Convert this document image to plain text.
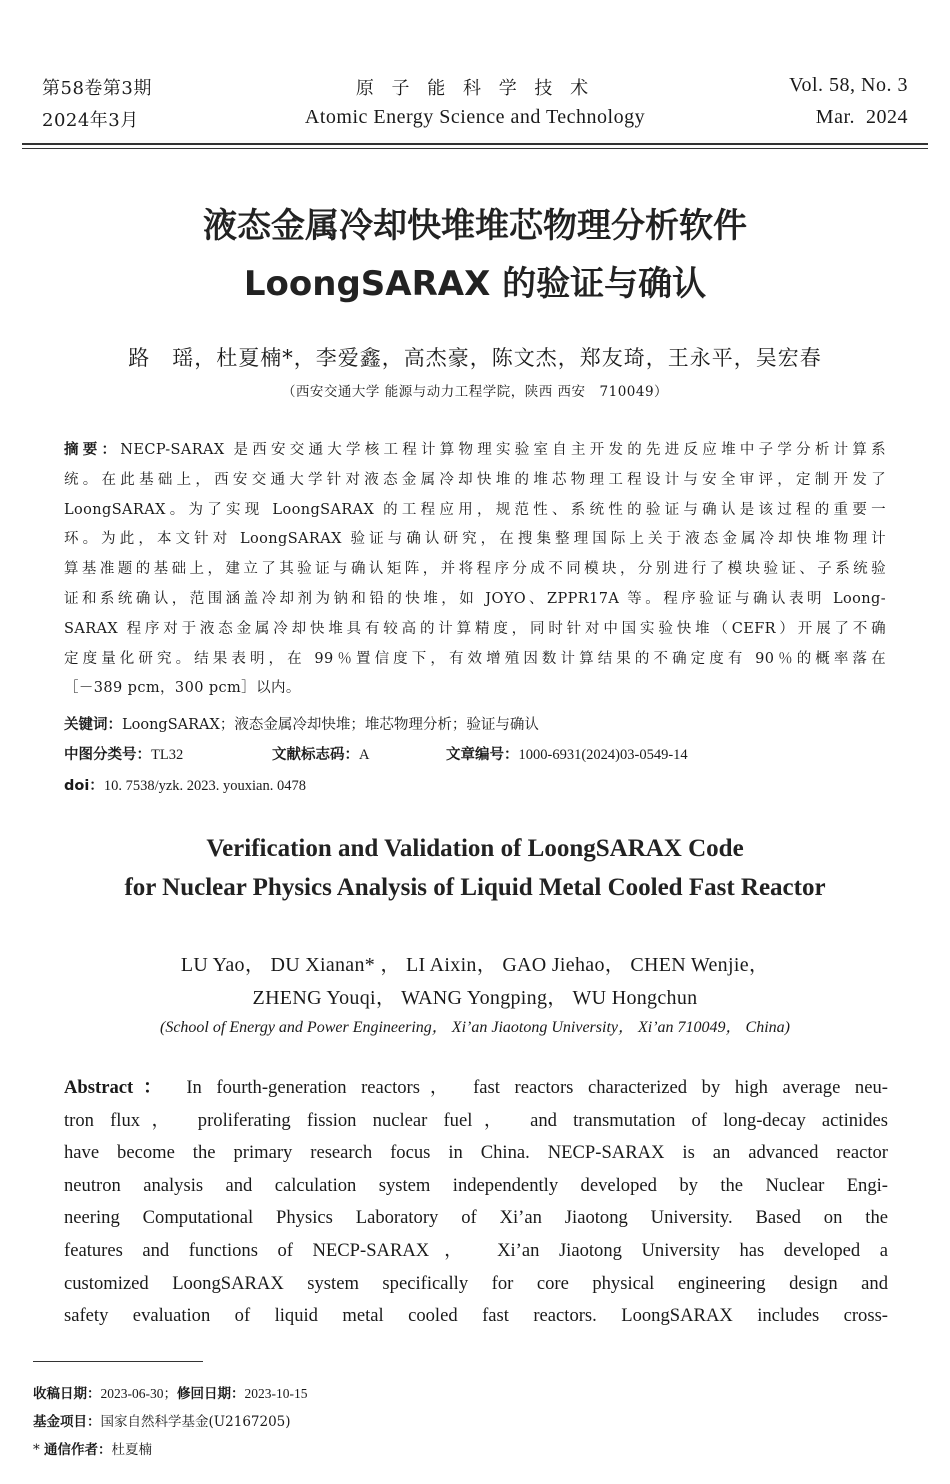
第58卷第3期
2024年3月
原 子 能 科 学 技 术
Atomic Energy Science and Technology
Vol. 58, No. 3
Mar.  2024
液态金属冷却快堆堆芯物理分析软件
LoongSARAX 的验证与确认
路　瑶，杜夏楠*，李爱鑫，高杰豪，陈文杰，郑友琦，王永平，吴宏春
（西安交通大学 能源与动力工程学院，陕西 西安　710049）
摘要：NECP-SARAX 是西安交通大学核工程计算物理实验室自主开发的先进反应堆中子学分析计算系
统。在此基础上，西安交通大学针对液态金属冷却快堆的堆芯物理工程设计与安全审评，定制开发了
LoongSARAX。为了实现 LoongSARAX 的工程应用，规范性、系统性的验证与确认是该过程的重要一
环。为此，本文针对 LoongSARAX 验证与确认研究，在搜集整理国际上关于液态金属冷却快堆物理计
算基准题的基础上，建立了其验证与确认矩阵，并将程序分成不同模块，分别进行了模块验证、子系统验
证和系统确认，范围涵盖冷却剂为钠和铅的快堆，如 JOYO、ZPPR17A 等。程序验证与确认表明 Loong-
SARAX 程序对于液态金属冷却快堆具有较高的计算精度，同时针对中国实验快堆（CEFR）开展了不确
定度量化研究。结果表明，在 99％置信度下，有效增殖因数计算结果的不确定度有 90％的概率落在
［－389 pcm，300 pcm］以内。
关键词：LoongSARAX；液态金属冷却快堆；堆芯物理分析；验证与确认
中图分类号：TL32	文献标志码：A	文章编号：1000-6931(2024)03-0549-14
doi：10. 7538/yzk. 2023. youxian. 0478
Verification and Validation of LoongSARAX Code
for Nuclear Physics Analysis of Liquid Metal Cooled Fast Reactor
LU Yao， DU Xianan* ， LI Aixin， GAO Jiehao， CHEN Wenjie，
ZHENG Youqi， WANG Yongping， WU Hongchun
(School of Energy and Power Engineering， Xi’an Jiaotong University， Xi’an 710049， China)

Abstract： In fourth-generation reactors， fast reactors characterized by high average neu-

tron flux， proliferating fission nuclear fuel， and transmutation of long-decay actinides

have become the primary research focus in China. NECP-SARAX is an advanced reactor

neutron analysis and calculation system independently developed by the Nuclear Engi-

neering Computational Physics Laboratory of Xi’an Jiaotong University. Based on the

features and functions of NECP-SARAX， Xi’an Jiaotong University has developed a

customized LoongSARAX system specifically for core physical engineering design and

safety evaluation of liquid metal cooled fast reactors. LoongSARAX includes cross-

收稿日期：2023-06-30；修回日期：2023-10-15
基金项目：国家自然科学基金(U2167205)
* 通信作者：杜夏楠
